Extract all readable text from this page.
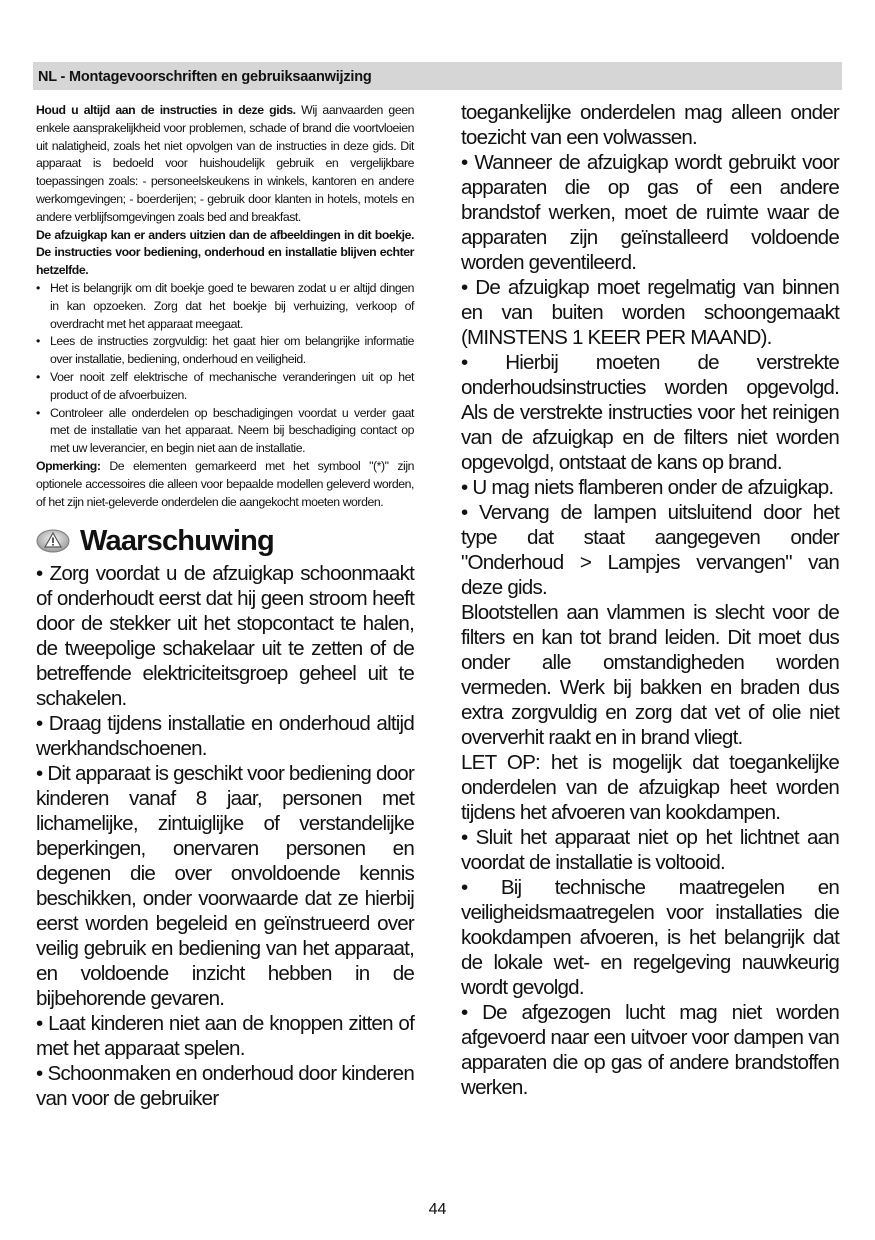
NL - Montagevoorschriften en gebruiksaanwijzing

Houd u altijd aan de instructies in deze gids. Wij aanvaarden geen enkele aansprakelijkheid voor problemen, schade of brand die voortvloeien uit nalatigheid, zoals het niet opvolgen van de instructies in deze gids. Dit apparaat is bedoeld voor huishoudelijk gebruik en vergelijkbare toepassingen zoals: - personeelskeukens in winkels, kantoren en andere werkomgevingen; - boerderijen; - gebruik door klanten in hotels, motels en andere verblijfsomgevingen zoals bed and breakfast.

De afzuigkap kan er anders uitzien dan de afbeeldingen in dit boekje. De instructies voor bediening, onderhoud en installatie blijven echter hetzelfde.

• Het is belangrijk om dit boekje goed te bewaren zodat u er altijd dingen in kan opzoeken. Zorg dat het boekje bij verhuizing, verkoop of overdracht met het apparaat meegaat.
• Lees de instructies zorgvuldig: het gaat hier om belangrijke informatie over installatie, bediening, onderhoud en veiligheid.
• Voer nooit zelf elektrische of mechanische veranderingen uit op het product of de afvoerbuizen.
• Controleer alle onderdelen op beschadigingen voordat u verder gaat met de installatie van het apparaat. Neem bij beschadiging contact op met uw leverancier, en begin niet aan de installatie.

Opmerking: De elementen gemarkeerd met het symbool "(*)" zijn optionele accessoires die alleen voor bepaalde modellen geleverd worden, of het zijn niet-geleverde onderdelen die aangekocht moeten worden.

Waarschuwing

• Zorg voordat u de afzuigkap schoonmaakt of onderhoudt eerst dat hij geen stroom heeft door de stekker uit het stopcontact te halen, de tweepolige schakelaar uit te zetten of de betreffende elektriciteitsgroep geheel uit te schakelen.

• Draag tijdens installatie en onderhoud altijd werkhandschoenen.

• Dit apparaat is geschikt voor bediening door kinderen vanaf 8 jaar, personen met lichamelijke, zintuiglijke of verstandelijke beperkingen, onervaren personen en degenen die over onvoldoende kennis beschikken, onder voorwaarde dat ze hierbij eerst worden begeleid en geïnstrueerd over veilig gebruik en bediening van het apparaat, en voldoende inzicht hebben in de bijbehorende gevaren.

• Laat kinderen niet aan de knoppen zitten of met het apparaat spelen.

• Schoonmaken en onderhoud door kinderen van voor de gebruiker

toegankelijke onderdelen mag alleen onder toezicht van een volwassen.

• Wanneer de afzuigkap wordt gebruikt voor apparaten die op gas of een andere brandstof werken, moet de ruimte waar de apparaten zijn geïnstalleerd voldoende worden geventileerd.

• De afzuigkap moet regelmatig van binnen en van buiten worden schoongemaakt (MINSTENS 1 KEER PER MAAND).

• Hierbij moeten de verstrekte onderhoudsinstructies worden opgevolgd. Als de verstrekte instructies voor het reinigen van de afzuigkap en de filters niet worden opgevolgd, ontstaat de kans op brand.

• U mag niets flamberen onder de afzuigkap.

• Vervang de lampen uitsluitend door het type dat staat aangegeven onder "Onderhoud > Lampjes vervangen" van deze gids.

Blootstellen aan vlammen is slecht voor de filters en kan tot brand leiden. Dit moet dus onder alle omstandigheden worden vermeden. Werk bij bakken en braden dus extra zorgvuldig en zorg dat vet of olie niet oververhit raakt en in brand vliegt.

LET OP: het is mogelijk dat toegankelijke onderdelen van de afzuigkap heet worden tijdens het afvoeren van kookdampen.

• Sluit het apparaat niet op het lichtnet aan voordat de installatie is voltooid.

• Bij technische maatregelen en veiligheidsmaatregelen voor installaties die kookdampen afvoeren, is het belangrijk dat de lokale wet- en regelgeving nauwkeurig wordt gevolgd.

• De afgezogen lucht mag niet worden afgevoerd naar een uitvoer voor dampen van apparaten die op gas of andere brandstoffen werken.

44
